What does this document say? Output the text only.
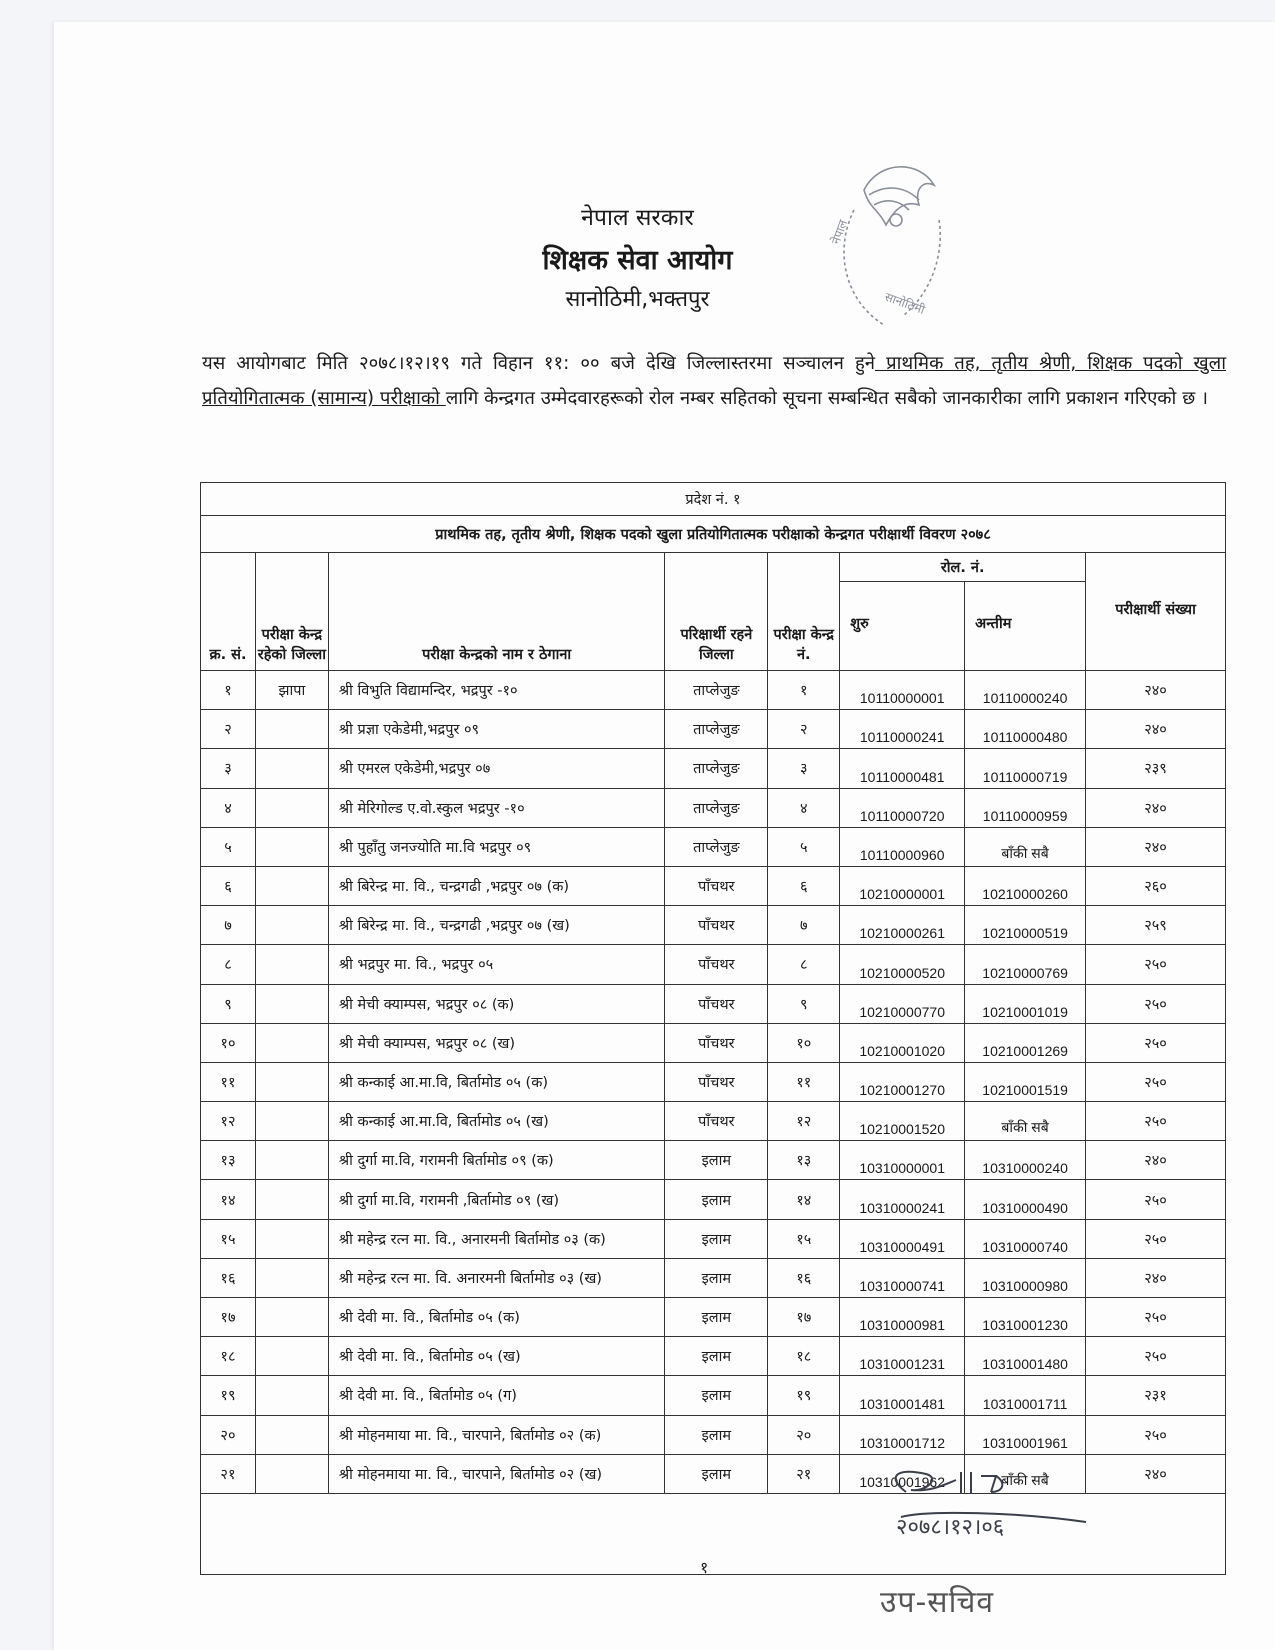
नेपाल सरकार
शिक्षक सेवा आयोग
सानोठिमी,भक्तपुर
नेपाल
सानोठिमी
यस आयोगबाट मिति २०७८।१२।१९ गते विहान ११: ०० बजे देखि जिल्लास्तरमा सञ्चालन हुने प्राथमिक तह, तृतीय श्रेणी, शिक्षक पदको खुला प्रतियोगितात्मक (सामान्य) परीक्षाको लागि केन्द्रगत उम्मेदवारहरूको रोल नम्बर सहितको सूचना सम्बन्धित सबैको जानकारीका लागि प्रकाशन गरिएको छ ।
प्रदेश नं. १							
प्राथमिक तह, तृतीय श्रेणी, शिक्षक पदको खुला प्रतियोगितात्मक परीक्षाको केन्द्रगत परीक्षार्थी विवरण २०७८							
क्र. सं.	परीक्षा केन्द्र रहेको जिल्ला	परीक्षा केन्द्रको नाम र ठेगाना	परिक्षार्थी रहने जिल्ला	परीक्षा केन्द्र नं.	रोल. नं.		परीक्षार्थी संख्या
					शुरु	अन्तीम	
१	झापा	श्री विभुति विद्यामन्दिर, भद्रपुर -१०	ताप्लेजुङ	१	10110000001	10110000240	२४०
२		श्री प्रज्ञा एकेडेमी,भद्रपुर ०९	ताप्लेजुङ	२	10110000241	10110000480	२४०
३		श्री एमरल एकेडेमी,भद्रपुर ०७	ताप्लेजुङ	३	10110000481	10110000719	२३९
४		श्री मेरिगोल्ड ए.वो.स्कुल भद्रपुर -१०	ताप्लेजुङ	४	10110000720	10110000959	२४०
५		श्री पुहाँतु जनज्योति मा.वि भद्रपुर ०९	ताप्लेजुङ	५	10110000960	बाँकी सबै	२४०
६		श्री बिरेन्द्र मा. वि., चन्द्रगढी ,भद्रपुर ०७ (क)	पाँचथर	६	10210000001	10210000260	२६०
७		श्री बिरेन्द्र मा. वि., चन्द्रगढी ,भद्रपुर ०७ (ख)	पाँचथर	७	10210000261	10210000519	२५९
८		श्री भद्रपुर मा. वि., भद्रपुर ०५	पाँचथर	८	10210000520	10210000769	२५०
९		श्री मेची क्याम्पस, भद्रपुर ०८ (क)	पाँचथर	९	10210000770	10210001019	२५०
१०		श्री मेची क्याम्पस, भद्रपुर ०८ (ख)	पाँचथर	१०	10210001020	10210001269	२५०
११		श्री कन्काई आ.मा.वि, बिर्तामोड ०५ (क)	पाँचथर	११	10210001270	10210001519	२५०
१२		श्री कन्काई आ.मा.वि, बिर्तामोड ०५ (ख)	पाँचथर	१२	10210001520	बाँकी सबै	२५०
१३		श्री दुर्गा मा.वि, गरामनी बिर्तामोड ०९ (क)	इलाम	१३	10310000001	10310000240	२४०
१४		श्री दुर्गा मा.वि, गरामनी ,बिर्तामोड ०९ (ख)	इलाम	१४	10310000241	10310000490	२५०
१५		श्री महेन्द्र रत्न मा. वि., अनारमनी बिर्तामोड ०३ (क)	इलाम	१५	10310000491	10310000740	२५०
१६		श्री महेन्द्र रत्न मा. वि. अनारमनी बिर्तामोड ०३ (ख)	इलाम	१६	10310000741	10310000980	२४०
१७		श्री देवी मा. वि., बिर्तामोड ०५ (क)	इलाम	१७	10310000981	10310001230	२५०
१८		श्री देवी मा. वि., बिर्तामोड ०५ (ख)	इलाम	१८	10310001231	10310001480	२५०
१९		श्री देवी मा. वि., बिर्तामोड ०५ (ग)	इलाम	१९	10310001481	10310001711	२३१
२०		श्री मोहनमाया मा. वि., चारपाने, बिर्तामोड ०२ (क)	इलाम	२०	10310001712	10310001961	२५०
२१		श्री मोहनमाया मा. वि., चारपाने, बिर्तामोड ०२ (ख)	इलाम	२१	10310001962	बाँकी सबै	२४०

२०७८।१२।०६
१
उप-सचिव
